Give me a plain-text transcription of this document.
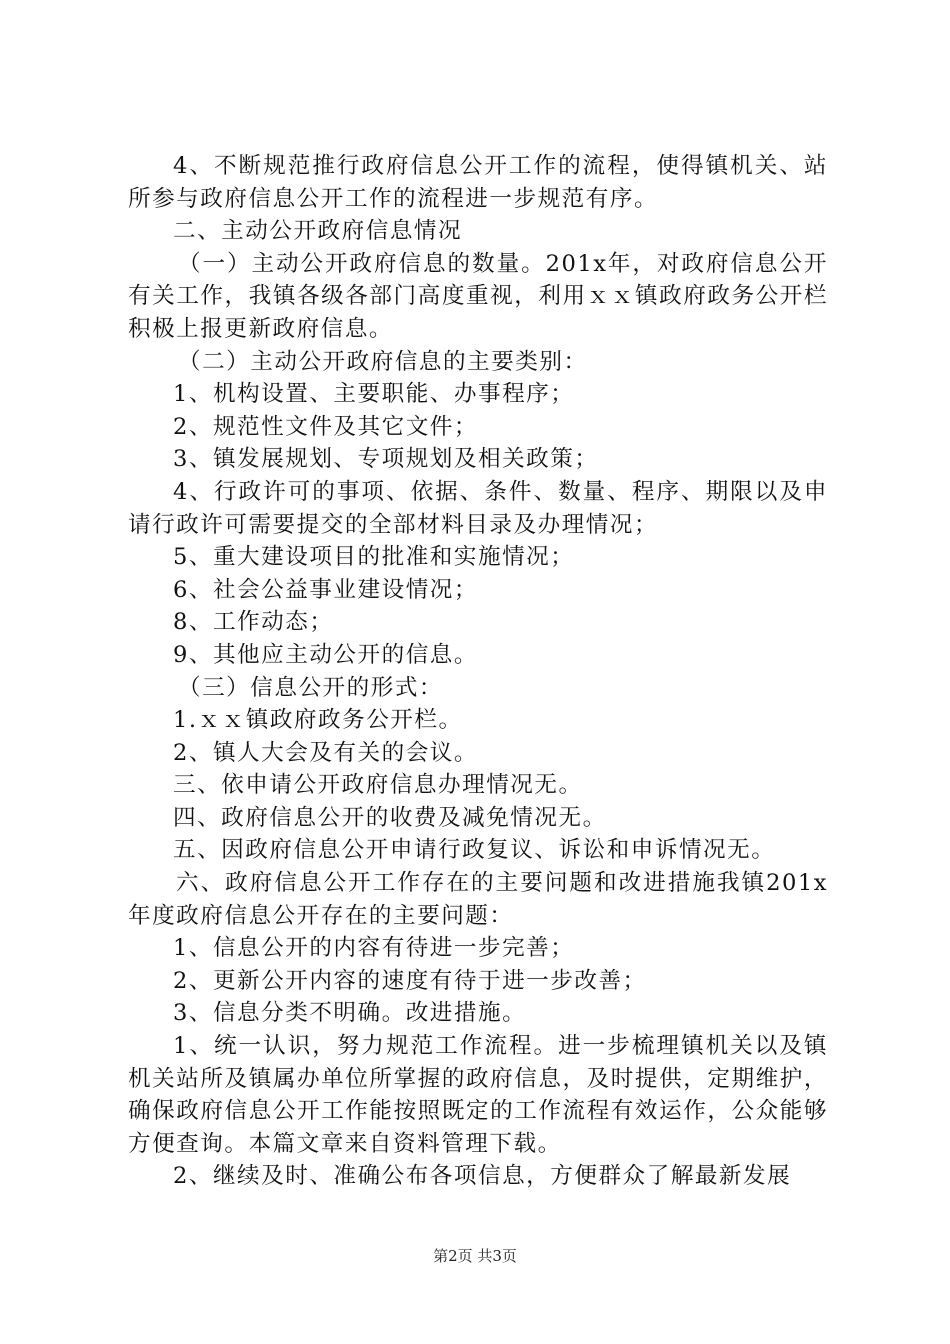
4、不断规范推行政府信息公开工作的流程，使得镇机关、站所参与政府信息公开工作的流程进一步规范有序。

二、主动公开政府信息情况

（一）主动公开政府信息的数量。201x年，对政府信息公开有关工作，我镇各级各部门高度重视，利用ｘｘ镇政府政务公开栏积极上报更新政府信息。

（二）主动公开政府信息的主要类别：

1、机构设置、主要职能、办事程序；

2、规范性文件及其它文件；

3、镇发展规划、专项规划及相关政策；

4、行政许可的事项、依据、条件、数量、程序、期限以及申请行政许可需要提交的全部材料目录及办理情况；

5、重大建设项目的批准和实施情况；

6、社会公益事业建设情况；

8、工作动态；

9、其他应主动公开的信息。

（三）信息公开的形式：

1.ｘｘ镇政府政务公开栏。

2、镇人大会及有关的会议。

三、依申请公开政府信息办理情况无。

四、政府信息公开的收费及减免情况无。

五、因政府信息公开申请行政复议、诉讼和申诉情况无。

六、政府信息公开工作存在的主要问题和改进措施我镇201x年度政府信息公开存在的主要问题：

1、信息公开的内容有待进一步完善；

2、更新公开内容的速度有待于进一步改善；

3、信息分类不明确。改进措施。

1、统一认识，努力规范工作流程。进一步梳理镇机关以及镇机关站所及镇属办单位所掌握的政府信息，及时提供，定期维护，确保政府信息公开工作能按照既定的工作流程有效运作，公众能够方便查询。本篇文章来自资料管理下载。

2、继续及时、准确公布各项信息，方便群众了解最新发展

第2页 共3页
